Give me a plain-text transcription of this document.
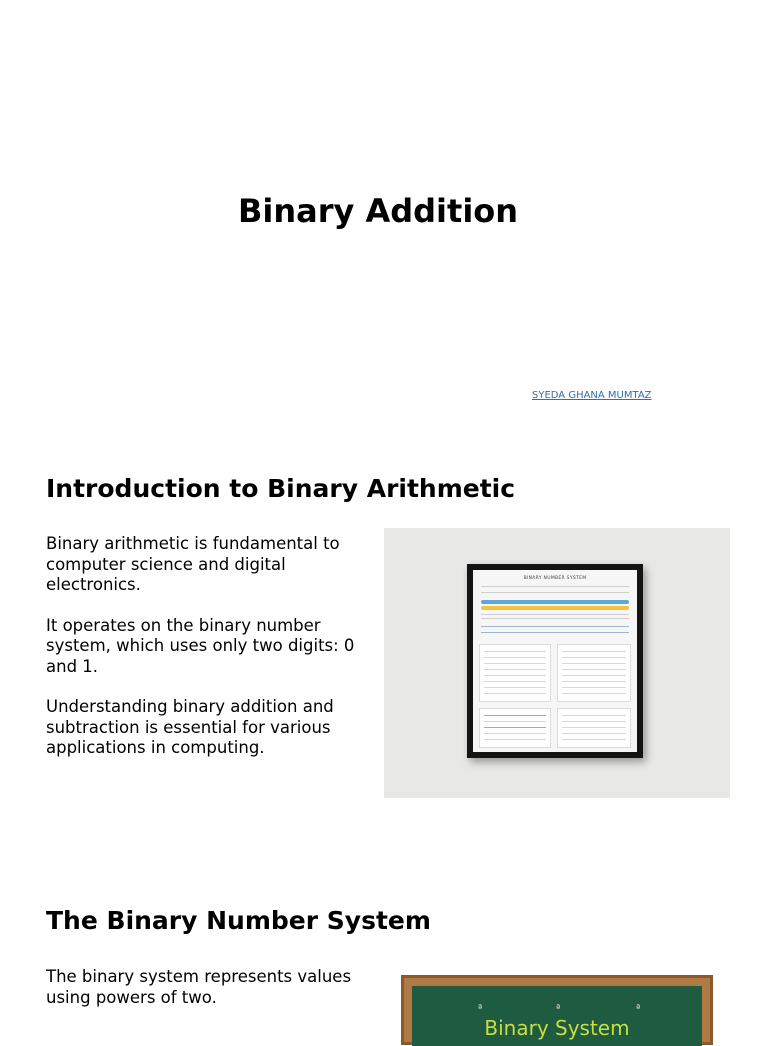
Binary Addition
SYEDA GHANA MUMTAZ
Introduction to Binary Arithmetic

Binary arithmetic is fundamental to computer science and digital electronics.

It operates on the binary number system, which uses only two digits: 0 and 1.

Understanding binary addition and subtraction is essential for various applications in computing.

BINARY NUMBER SYSTEM
The Binary Number System

The binary system represents values using powers of two.

ª	ª	ª
Binary System
